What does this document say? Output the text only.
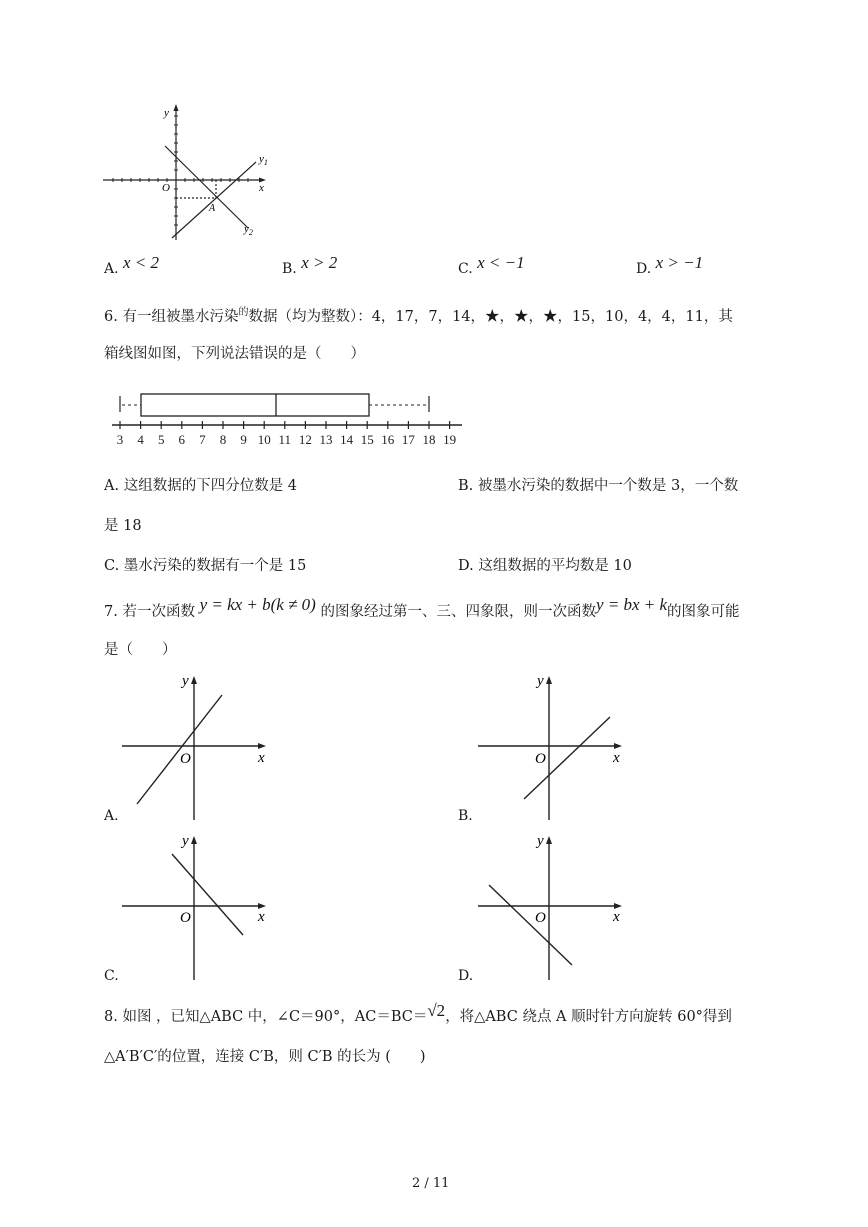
y
x
O
A
$y_1$
$y_2$
A. x < 2	B. x > 2	C. x < −1	D. x > −1
6. 有一组被墨水污染$^的$数据（均为整数）：4，17，7，14，★，★，★，15，10，4，4，11，其
箱线图如图，下列说法错误的是（　　）
3 4 5 6 7 8 9 10 11 12 13 14 15 16 17 18 19
A. 这组数据的下四分位数是 4	B. 被墨水污染的数据中一个数是 3，一个数
是 18
C. 墨水污染的数据有一个是 15	D. 这组数据的平均数是 10
7. 若一次函数 y = kx + b(k ≠ 0) 的图象经过第一、三、四象限，则一次函数y = bx + k的图象可能
是（　　）
y
x
O
y
x
O
y
x
O
y
x
O
A.	B.
C.	D.
8. 如图 ，已知△ABC 中，∠C＝90°，AC＝BC＝√2，将△ABC 绕点 A 顺时针方向旋转 60°得到
△A′B′C′的位置，连接 C′B，则 C′B 的长为 (　　)
2 / 11
